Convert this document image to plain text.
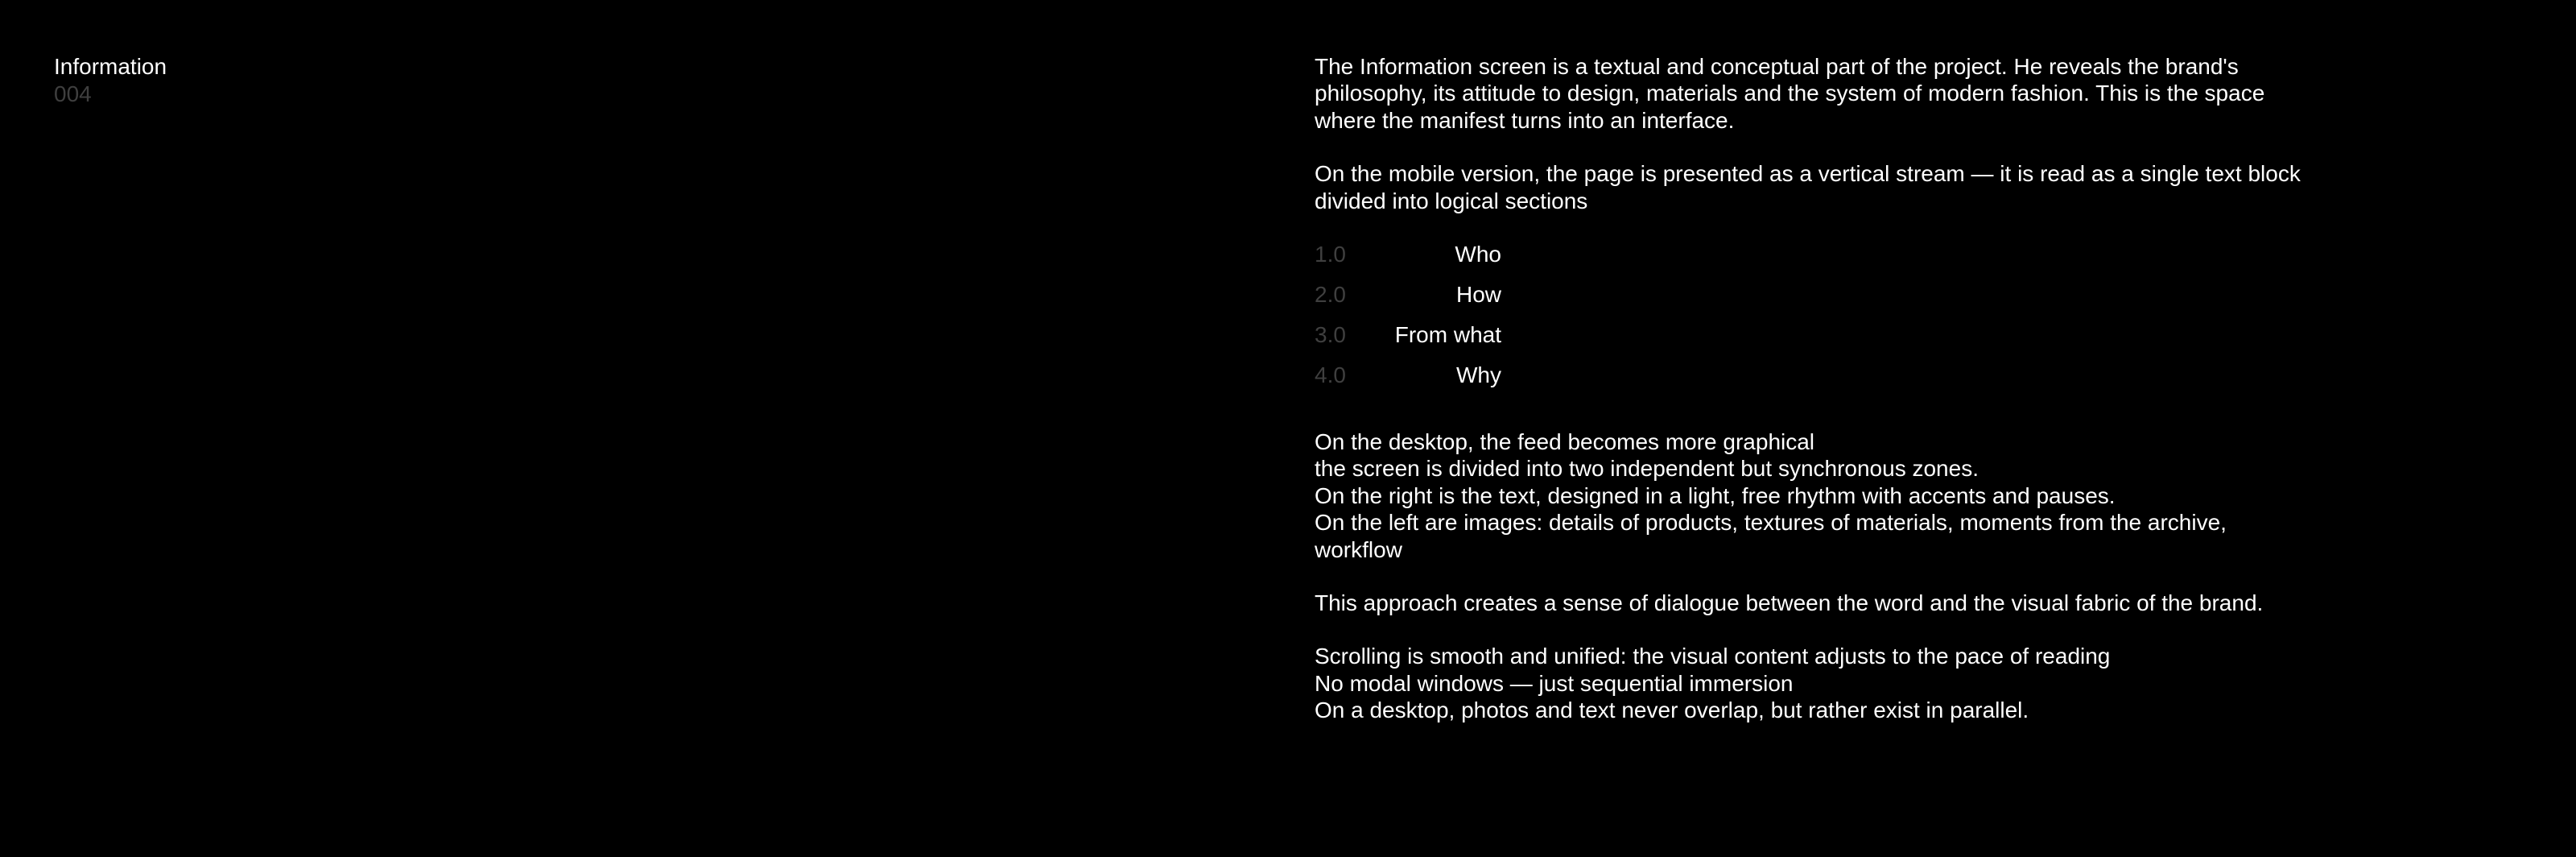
Information
004
The Information screen is a textual and conceptual part of the project. He reveals the brand's
philosophy, its attitude to design, materials and the system of modern fashion. This is the space
where the manifest turns into an interface.
On the mobile version, the page is presented as a vertical stream — it is read as a single text block
divided into logical sections
1.0	Who
2.0	How
3.0	From what
4.0	Why
On the desktop, the feed becomes more graphical
the screen is divided into two independent but synchronous zones.
On the right is the text, designed in a light, free rhythm with accents and pauses.
On the left are images: details of products, textures of materials, moments from the archive,
workflow
This approach creates a sense of dialogue between the word and the visual fabric of the brand.
Scrolling is smooth and unified: the visual content adjusts to the pace of reading
No modal windows — just sequential immersion
On a desktop, photos and text never overlap, but rather exist in parallel.
